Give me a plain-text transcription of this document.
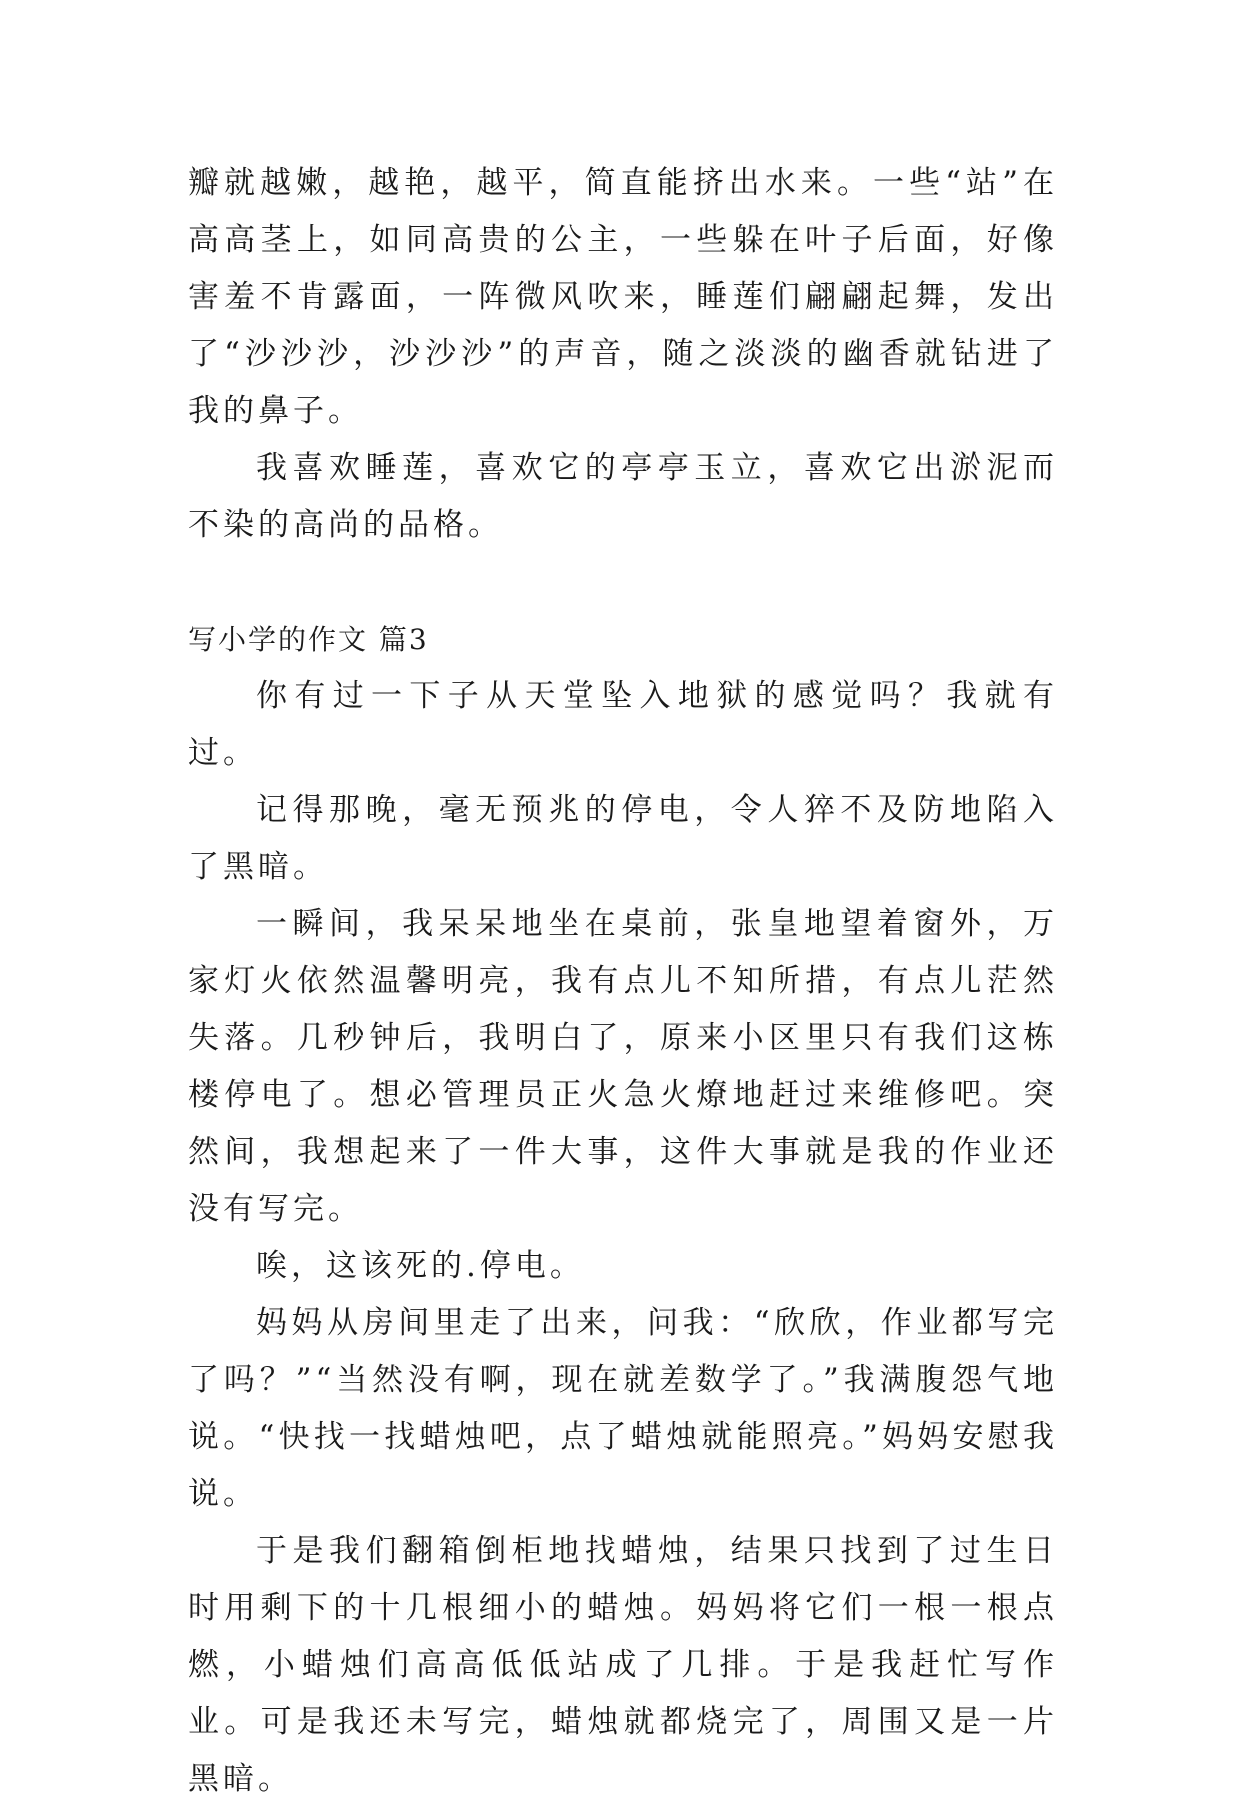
瓣就越嫩，越艳，越平，简直能挤出水来。一些“站”在高高茎上，如同高贵的公主，一些躲在叶子后面，好像害羞不肯露面，一阵微风吹来，睡莲们翩翩起舞，发出了“沙沙沙，沙沙沙”的声音，随之淡淡的幽香就钻进了我的鼻子。

我喜欢睡莲，喜欢它的亭亭玉立，喜欢它出淤泥而不染的高尚的品格。

写小学的作文 篇3

你有过一下子从天堂坠入地狱的感觉吗？我就有过。

记得那晚，毫无预兆的停电，令人猝不及防地陷入了黑暗。

一瞬间，我呆呆地坐在桌前，张皇地望着窗外，万家灯火依然温馨明亮，我有点儿不知所措，有点儿茫然失落。几秒钟后，我明白了，原来小区里只有我们这栋楼停电了。想必管理员正火急火燎地赶过来维修吧。突然间，我想起来了一件大事，这件大事就是我的作业还没有写完。

唉，这该死的.停电。

妈妈从房间里走了出来，问我：“欣欣，作业都写完了吗？”“当然没有啊，现在就差数学了。”我满腹怨气地说。“快找一找蜡烛吧，点了蜡烛就能照亮。”妈妈安慰我说。

于是我们翻箱倒柜地找蜡烛，结果只找到了过生日时用剩下的十几根细小的蜡烛。妈妈将它们一根一根点燃，小蜡烛们高高低低站成了几排。于是我赶忙写作业。可是我还未写完，蜡烛就都烧完了，周围又是一片黑暗。
